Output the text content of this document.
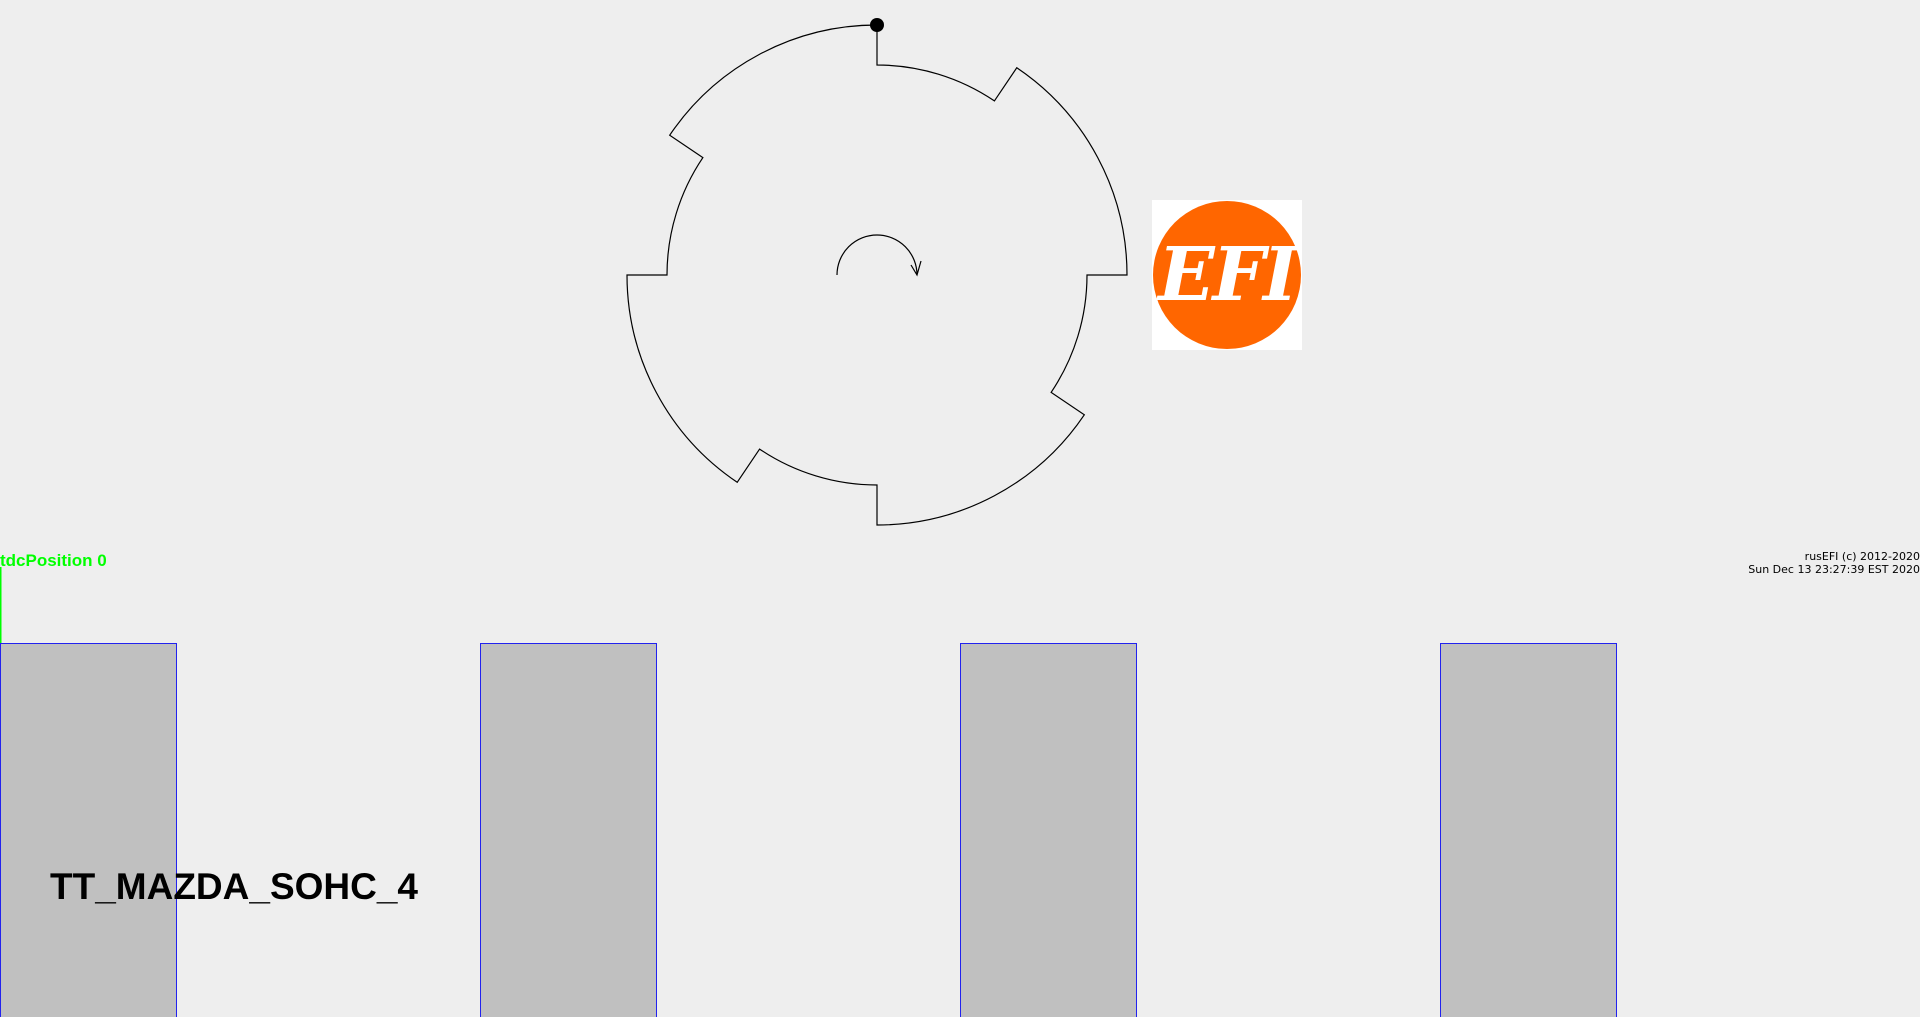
EFI
tdcPosition 0	rusEFI (c) 2012-2020
Sun Dec 13 23:27:39 EST 2020
TT_MAZDA_SOHC_4
